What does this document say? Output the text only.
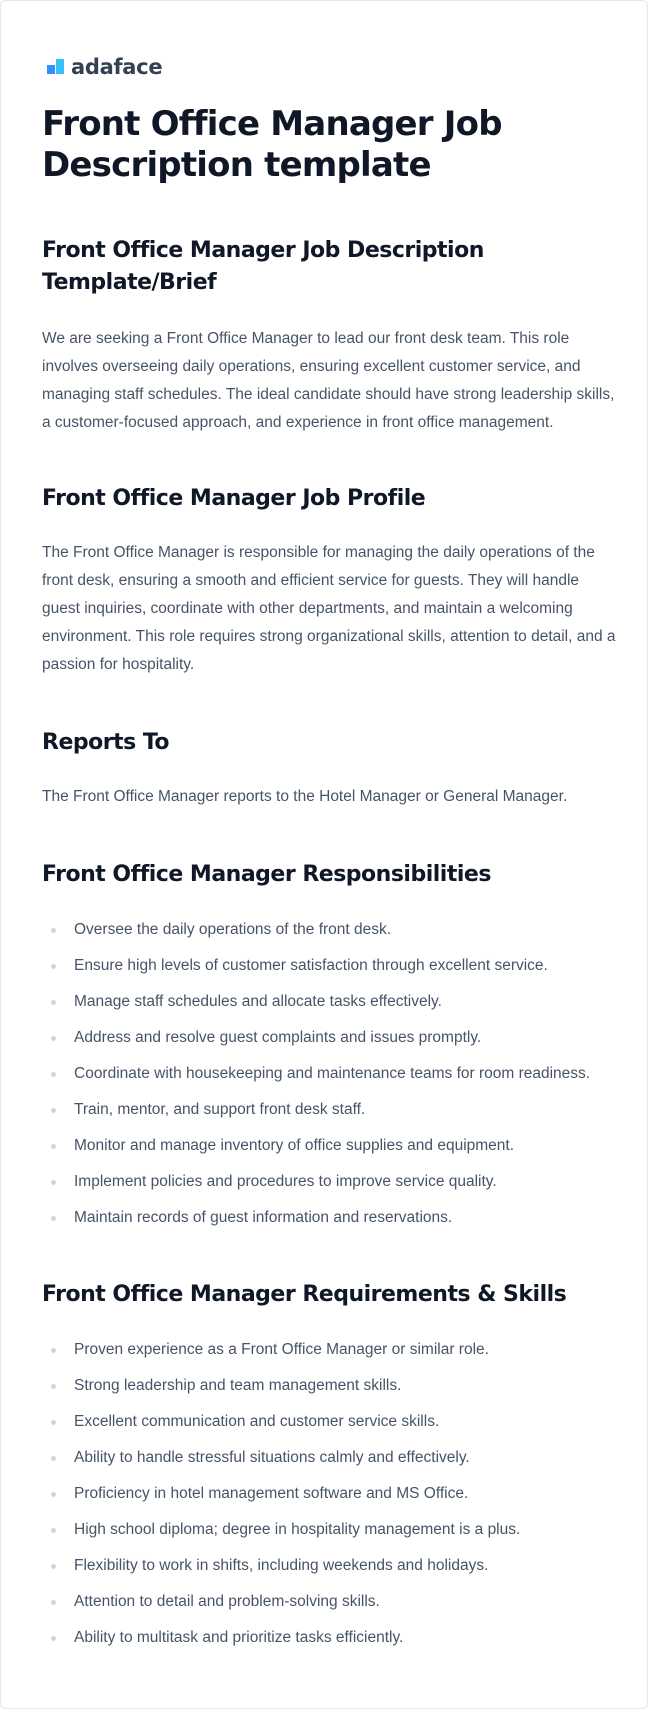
adaface
Front Office Manager Job Description template
Front Office Manager Job Description Template/Brief

We are seeking a Front Office Manager to lead our front desk team. This role involves overseeing daily operations, ensuring excellent customer service, and managing staff schedules. The ideal candidate should have strong leadership skills, a customer-focused approach, and experience in front office management.

Front Office Manager Job Profile

The Front Office Manager is responsible for managing the daily operations of the front desk, ensuring a smooth and efficient service for guests. They will handle guest inquiries, coordinate with other departments, and maintain a welcoming environment. This role requires strong organizational skills, attention to detail, and a passion for hospitality.

Reports To

The Front Office Manager reports to the Hotel Manager or General Manager.

Front Office Manager Responsibilities
Oversee the daily operations of the front desk.
Ensure high levels of customer satisfaction through excellent service.
Manage staff schedules and allocate tasks effectively.
Address and resolve guest complaints and issues promptly.
Coordinate with housekeeping and maintenance teams for room readiness.
Train, mentor, and support front desk staff.
Monitor and manage inventory of office supplies and equipment.
Implement policies and procedures to improve service quality.
Maintain records of guest information and reservations.
Front Office Manager Requirements & Skills
Proven experience as a Front Office Manager or similar role.
Strong leadership and team management skills.
Excellent communication and customer service skills.
Ability to handle stressful situations calmly and effectively.
Proficiency in hotel management software and MS Office.
High school diploma; degree in hospitality management is a plus.
Flexibility to work in shifts, including weekends and holidays.
Attention to detail and problem-solving skills.
Ability to multitask and prioritize tasks efficiently.
